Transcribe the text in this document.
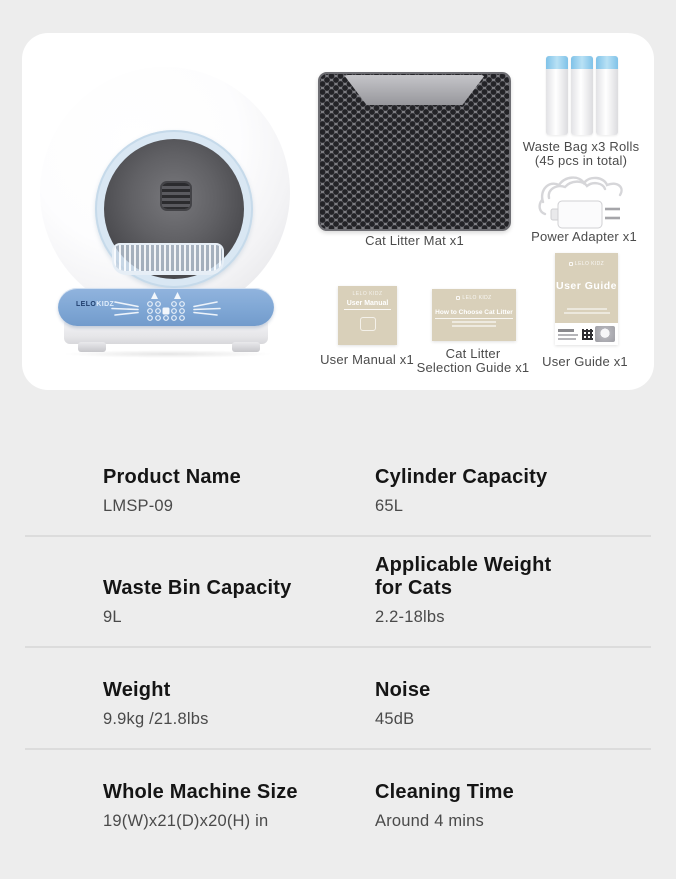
LELOKIDZ
Cat Litter Mat x1
Waste Bag x3 Rolls
(45 pcs in total)
Power Adapter x1
LELO KIDZ
User Manual
User Manual x1
LELO KIDZ
How to Choose Cat Litter
Cat Litter
Selection Guide x1
LELO KIDZ
User Guide
User Guide x1
Product Name
LMSP-09
Cylinder Capacity
65L
Waste Bin Capacity
9L
Applicable Weight for Cats
2.2-18lbs
Weight
9.9kg /21.8lbs
Noise
45dB
Whole Machine Size
19(W)x21(D)x20(H) in
Cleaning Time
Around 4 mins
